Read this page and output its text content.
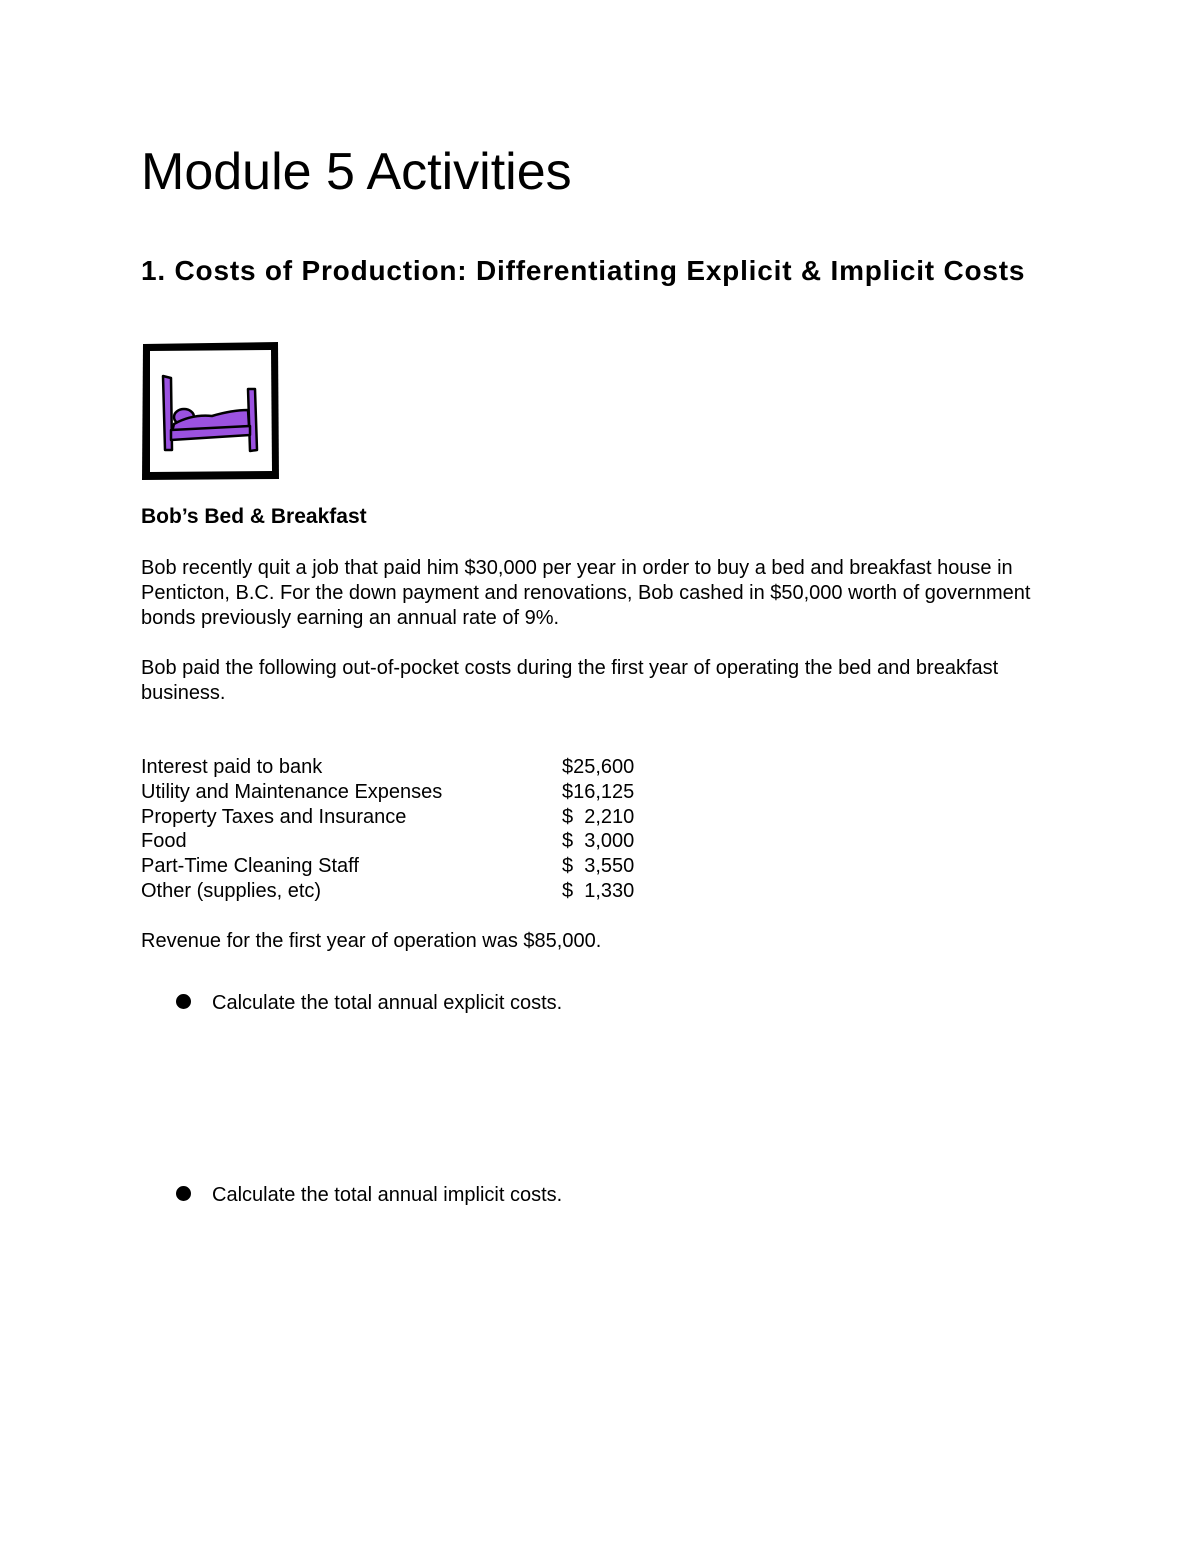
Module 5 Activities
1. Costs of Production: Differentiating Explicit & Implicit Costs

Bob’s Bed & Breakfast

Bob recently quit a job that paid him $30,000 per year in order to buy a bed and breakfast house in Penticton, B.C. For the down payment and renovations, Bob cashed in $50,000 worth of government bonds previously earning an annual rate of 9%.

Bob paid the following out-of-pocket costs during the first year of operating the bed and breakfast business.

Interest paid to bank	$25,600
Utility and Maintenance Expenses	$16,125
Property Taxes and Insurance	$  2,210
Food	$  3,000
Part-Time Cleaning Staff	$  3,550
Other (supplies, etc)	$  1,330

Revenue for the first year of operation was $85,000.

Calculate the total annual explicit costs.
Calculate the total annual implicit costs.
